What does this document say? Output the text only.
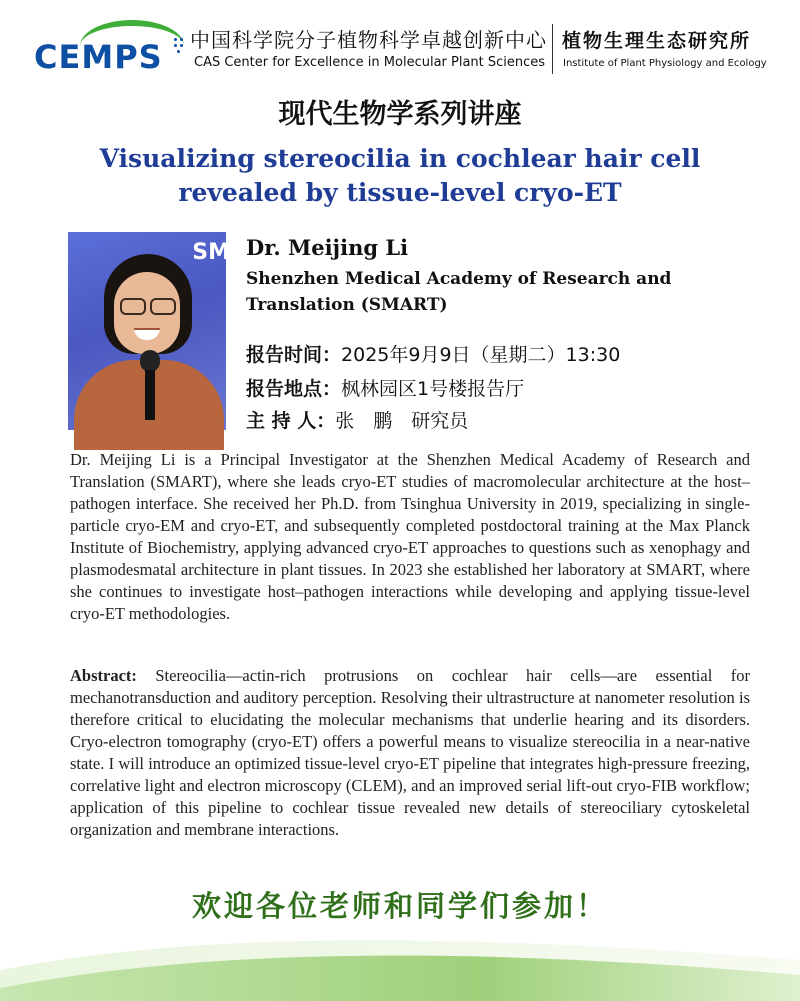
CEMPS 中国科学院分子植物科学卓越创新中心
CAS Center for Excellence in Molecular Plant Sciences
植物生理生态研究所
Institute of Plant Physiology and Ecology
现代生物学系列讲座
Visualizing stereocilia in cochlear hair cell
revealed by tissue-level cryo-ET
SM Dr. Meijing Li
Shenzhen Medical Academy of Research and Translation (SMART)
报告时间：2025年9月9日（星期二）13:30
报告地点：枫林园区1号楼报告厅
主 持 人：张　鹏　研究员
Dr. Meijing Li is a Principal Investigator at the Shenzhen Medical Academy of Research and Translation (SMART), where she leads cryo-ET studies of macromolecular architecture at the host–pathogen interface. She received her Ph.D. from Tsinghua University in 2019, specializing in single-particle cryo-EM and cryo-ET, and subsequently completed postdoctoral training at the Max Planck Institute of Biochemistry, applying advanced cryo-ET approaches to questions such as xenophagy and plasmodesmatal architecture in plant tissues. In 2023 she established her laboratory at SMART, where she continues to investigate host–pathogen interactions while developing and applying tissue-level cryo-ET methodologies.
Abstract: Stereocilia—actin-rich protrusions on cochlear hair cells—are essential for mechanotransduction and auditory perception. Resolving their ultrastructure at nanometer resolution is therefore critical to elucidating the molecular mechanisms that underlie hearing and its disorders. Cryo-electron tomography (cryo-ET) offers a powerful means to visualize stereocilia in a near-native state. I will introduce an optimized tissue-level cryo-ET pipeline that integrates high-pressure freezing, correlative light and electron microscopy (CLEM), and an improved serial lift-out cryo-FIB workflow; application of this pipeline to cochlear tissue revealed new details of stereociliary cytoskeletal organization and membrane interactions.
欢迎各位老师和同学们参加！
